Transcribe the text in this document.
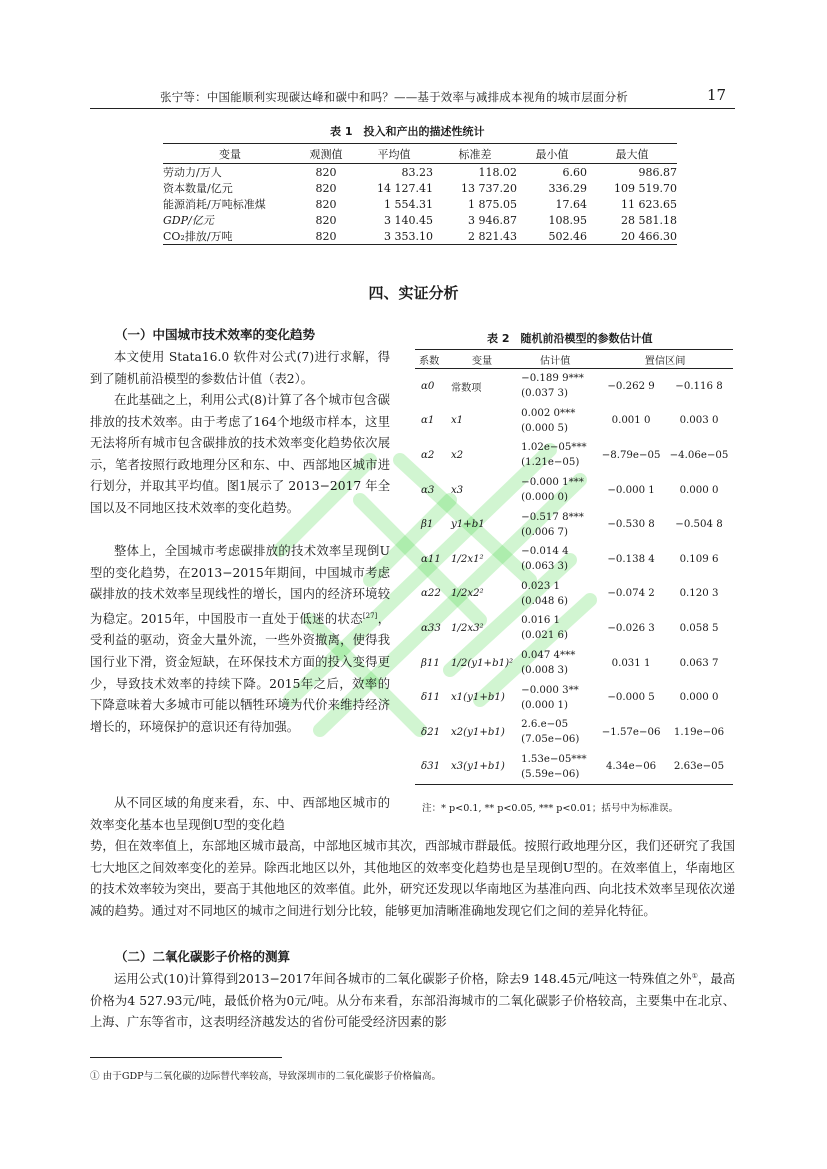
张宁等：中国能顺利实现碳达峰和碳中和吗？——基于效率与减排成本视角的城市层面分析	17
表 1　投入和产出的描述性统计
变量	观测值	平均值	标准差	最小值	最大值
劳动力/万人	820	83.23	118.02	6.60	986.87
资本数量/亿元	820	14 127.41	13 737.20	336.29	109 519.70
能源消耗/万吨标准煤	820	1 554.31	1 875.05	17.64	11 623.65
GDP/亿元	820	3 140.45	3 946.87	108.95	28 581.18
CO₂排放/万吨	820	3 353.10	2 821.43	502.46	20 466.30
四、实证分析
（一）中国城市技术效率的变化趋势
本文使用 Stata16.0 软件对公式(7)进行求解，得到了随机前沿模型的参数估计值（表2）。
在此基础之上，利用公式(8)计算了各个城市包含碳排放的技术效率。由于考虑了164个地级市样本，这里无法将所有城市包含碳排放的技术效率变化趋势依次展示，笔者按照行政地理分区和东、中、西部地区城市进行划分，并取其平均值。图1展示了 2013−2017 年全国以及不同地区技术效率的变化趋势。
整体上，全国城市考虑碳排放的技术效率呈现倒U型的变化趋势，在2013−2015年期间，中国城市考虑碳排放的技术效率呈现线性的增长，国内的经济环境较为稳定。2015年，中国股市一直处于低迷的状态[27]，受利益的驱动，资金大量外流，一些外资撤离，使得我国行业下滑，资金短缺，在环保技术方面的投入变得更少，导致技术效率的持续下降。2015年之后，效率的下降意味着大多城市可能以牺牲环境为代价来维持经济增长的，环境保护的意识还有待加强。
从不同区域的角度来看，东、中、西部地区城市的效率变化基本也呈现倒U型的变化趋
势，但在效率值上，东部地区城市最高，中部地区城市其次，西部城市群最低。按照行政地理分区，我们还研究了我国七大地区之间效率变化的差异。除西北地区以外，其他地区的效率变化趋势也是呈现倒U型的。在效率值上，华南地区的技术效率较为突出，要高于其他地区的效率值。此外，研究还发现以华南地区为基准向西、向北技术效率呈现依次递减的趋势。通过对不同地区的城市之间进行划分比较，能够更加清晰准确地发现它们之间的差异化特征。
（二）二氧化碳影子价格的测算
运用公式(10)计算得到2013−2017年间各城市的二氧化碳影子价格，除去9 148.45元/吨这一特殊值之外①，最高价格为4 527.93元/吨，最低价格为0元/吨。从分布来看，东部沿海城市的二氧化碳影子价格较高，主要集中在北京、上海、广东等省市，这表明经济越发达的省份可能受经济因素的影
表 2　随机前沿模型的参数估计值
系数	变量	估计值	置信区间	
α0	常数项	−0.189 9***
(0.037 3)	−0.262 9	−0.116 8
α1	x1	0.002 0***
(0.000 5)	0.001 0	0.003 0
α2	x2	1.02e−05***
(1.21e−05)	−8.79e−05	−4.06e−05
α3	x3	−0.000 1***
(0.000 0)	−0.000 1	0.000 0
β1	y1+b1	−0.517 8***
(0.006 7)	−0.530 8	−0.504 8
α11	1/2x1²	−0.014 4
(0.063 3)	−0.138 4	0.109 6
α22	1/2x2²	0.023 1
(0.048 6)	−0.074 2	0.120 3
α33	1/2x3²	0.016 1
(0.021 6)	−0.026 3	0.058 5
β11	1/2(y1+b1)²	0.047 4***
(0.008 3)	0.031 1	0.063 7
δ11	x1(y1+b1)	−0.000 3**
(0.000 1)	−0.000 5	0.000 0
δ21	x2(y1+b1)	2.6.e−05
(7.05e−06)	−1.57e−06	1.19e−06
δ31	x3(y1+b1)	1.53e−05***
(5.59e−06)	4.34e−06	2.63e−05
注：* p<0.1, ** p<0.05, *** p<0.01；括号中为标准误。
① 由于GDP与二氧化碳的边际替代率较高，导致深圳市的二氧化碳影子价格偏高。
